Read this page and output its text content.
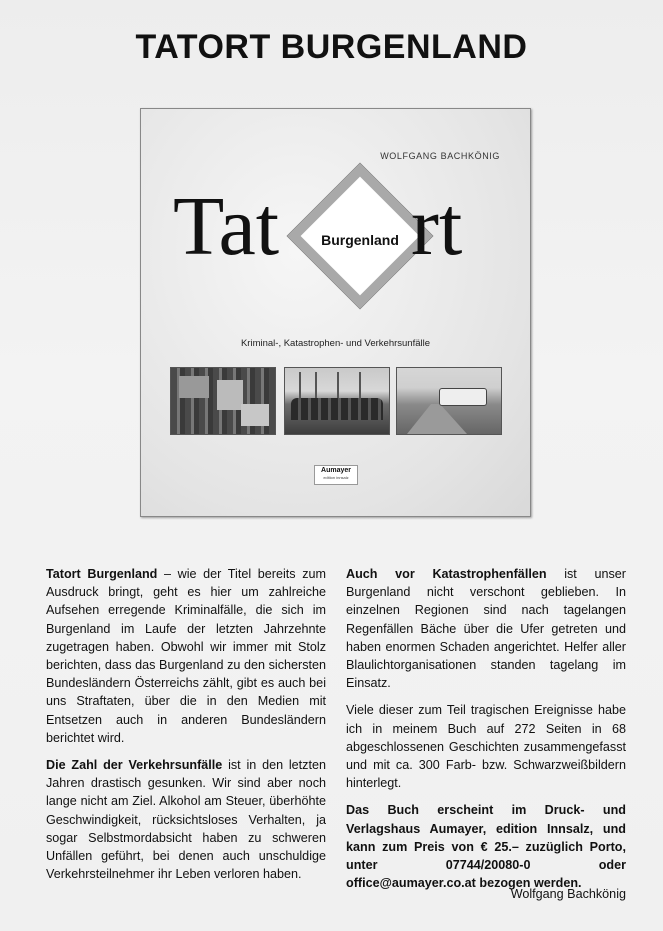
TATORT BURGENLAND
WOLFGANG BACHKÖNIG
Tat	Burgenland rt
Kriminal-, Katastrophen- und Verkehrsunfälle
Aumayer
edition innsalz

Tatort Burgenland – wie der Titel bereits zum Ausdruck bringt, geht es hier um zahlreiche Aufsehen erregende Kriminalfälle, die sich im Burgenland im Laufe der letzten Jahrzehnte zugetragen haben. Obwohl wir immer mit Stolz berichten, dass das Burgenland zu den sichersten Bundesländern Österreichs zählt, gibt es auch bei uns Straftaten, über die in den Medien mit Entsetzen auch in anderen Bundesländern berichtet wird.

Die Zahl der Verkehrsunfälle ist in den letzten Jahren drastisch gesunken. Wir sind aber noch lange nicht am Ziel. Alkohol am Steuer, überhöhte Geschwindigkeit, rücksichtsloses Verhalten, ja sogar Selbstmordabsicht haben zu schweren Unfällen geführt, bei denen auch unschuldige Verkehrsteilnehmer ihr Leben verloren haben.

Auch vor Katastrophenfällen ist unser Burgenland nicht verschont geblieben. In einzelnen Regionen sind nach tagelangen Regenfällen Bäche über die Ufer getreten und haben enormen Schaden angerichtet. Helfer aller Blaulichtorganisationen standen tagelang im Einsatz.

Viele dieser zum Teil tragischen Ereignisse habe ich in meinem Buch auf 272 Seiten in 68 abgeschlossenen Geschichten zusammengefasst und mit ca. 300 Farb- bzw. Schwarzweißbildern hinterlegt.

Das Buch erscheint im Druck- und Verlagshaus Aumayer, edition Innsalz, und kann zum Preis von € 25.– zuzüglich Porto, unter 07744/20080-0 oder office@aumayer.co.at bezogen werden.

Wolfgang Bachkönig
